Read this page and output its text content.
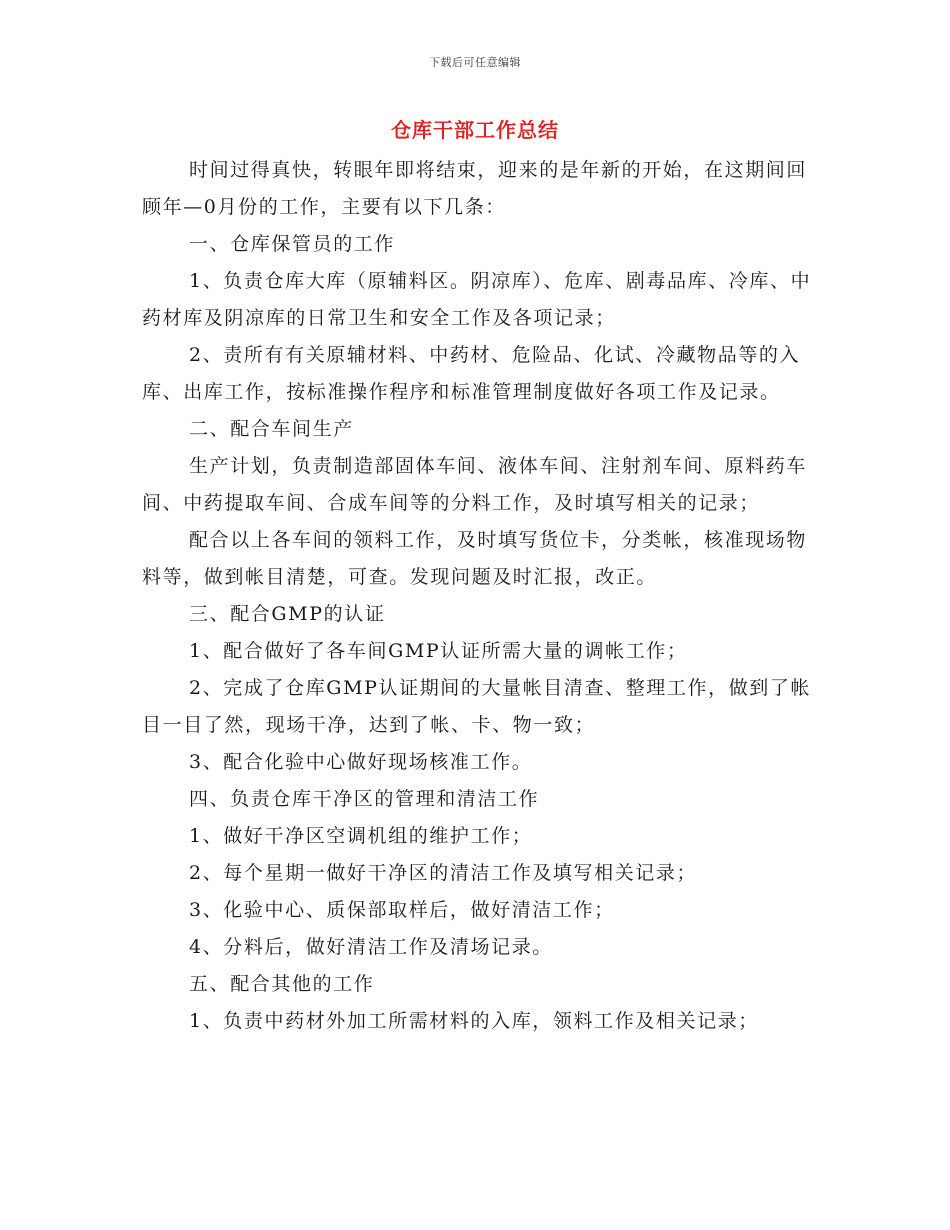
下载后可任意编辑
仓库干部工作总结

时间过得真快，转眼年即将结束，迎来的是年新的开始，在这期间回顾年—0月份的工作，主要有以下几条：

一、仓库保管员的工作

1、负责仓库大库（原辅料区。阴凉库）、危库、剧毒品库、冷库、中药材库及阴凉库的日常卫生和安全工作及各项记录；

2、责所有有关原辅材料、中药材、危险品、化试、冷藏物品等的入库、出库工作，按标准操作程序和标准管理制度做好各项工作及记录。

二、配合车间生产

生产计划，负责制造部固体车间、液体车间、注射剂车间、原料药车间、中药提取车间、合成车间等的分料工作，及时填写相关的记录；

配合以上各车间的领料工作，及时填写货位卡，分类帐，核准现场物料等，做到帐目清楚，可查。发现问题及时汇报，改正。

三、配合GMP的认证

1、配合做好了各车间GMP认证所需大量的调帐工作；

2、完成了仓库GMP认证期间的大量帐目清查、整理工作，做到了帐目一目了然，现场干净，达到了帐、卡、物一致；

3、配合化验中心做好现场核准工作。

四、负责仓库干净区的管理和清洁工作

1、做好干净区空调机组的维护工作；

2、每个星期一做好干净区的清洁工作及填写相关记录；

3、化验中心、质保部取样后，做好清洁工作；

4、分料后，做好清洁工作及清场记录。

五、配合其他的工作

1、负责中药材外加工所需材料的入库，领料工作及相关记录；
